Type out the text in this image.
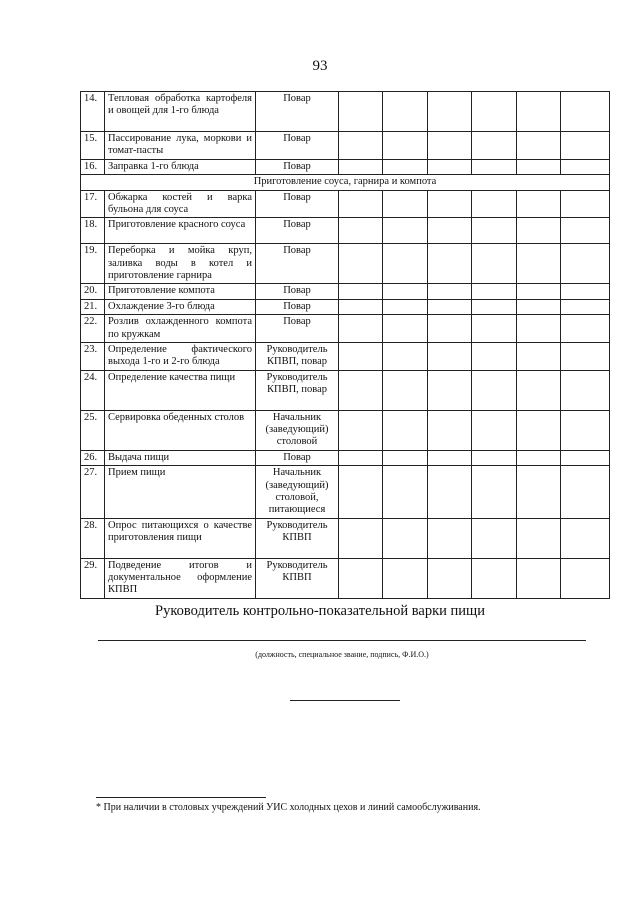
93
14.	Тепловая обработка картофеля и овощей для 1-го блюда	Повар						
15.	Пассирование лука, моркови и томат-пасты	Повар						
16.	Заправка 1-го блюда	Повар						
Приготовление соуса, гарнира и компота								
17.	Обжарка костей и варка бульона для соуса	Повар						
18.	Приготовление красного соуса	Повар						
19.	Переборка и мойка круп, заливка воды в котел и приготовление гарнира	Повар						
20.	Приготовление компота	Повар						
21.	Охлаждение 3-го блюда	Повар						
22.	Розлив охлажденного компота по кружкам	Повар						
23.	Определение фактического выхода 1-го и 2-го блюда	Руководитель КПВП, повар						
24.	Определение качества пищи	Руководитель КПВП, повар						
25.	Сервировка обеденных столов	Начальник (заведующий) столовой						
26.	Выдача пищи	Повар						
27.	Прием пищи	Начальник (заведующий) столовой, питающиеся						
28.	Опрос питающихся о качестве приготовления пищи	Руководитель КПВП						
29.	Подведение итогов и документальное оформление КПВП	Руководитель КПВП						
Руководитель контрольно-показательной варки пищи
(должность, специальное звание, подпись, Ф.И.О.)
* При наличии в столовых учреждений УИС холодных цехов и линий самообслуживания.
